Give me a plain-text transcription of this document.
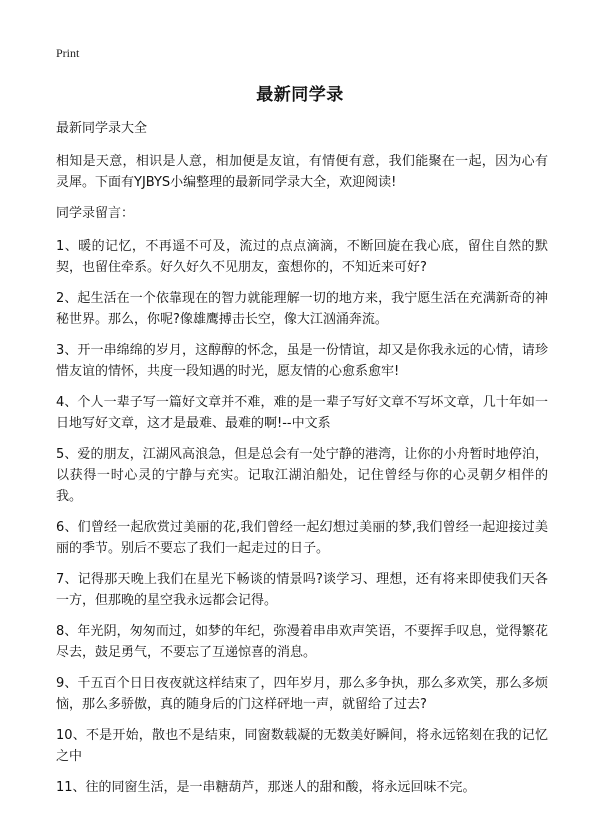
Print
最新同学录

最新同学录大全

相知是天意，相识是人意，相加便是友谊，有情便有意，我们能聚在一起，因为心有灵犀。下面有YJBYS小编整理的最新同学录大全，欢迎阅读!

同学录留言：

1、暖的记忆，不再遥不可及，流过的点点滴滴，不断回旋在我心底，留住自然的默契，也留住牵系。好久好久不见朋友，蛮想你的，不知近来可好?

2、起生活在一个依靠现在的智力就能理解一切的地方来，我宁愿生活在充满新奇的神秘世界。那么，你呢?像雄鹰搏击长空，像大江汹涌奔流。

3、开一串绵绵的岁月，这醇醇的怀念，虽是一份情谊，却又是你我永远的心情，请珍惜友谊的情怀，共度一段知遇的时光，愿友情的心愈系愈牢!

4、个人一辈子写一篇好文章并不难，难的是一辈子写好文章不写坏文章，几十年如一日地写好文章，这才是最难、最难的啊!--中文系

5、爱的朋友，江湖风高浪急，但是总会有一处宁静的港湾，让你的小舟暂时地停泊，以获得一时心灵的宁静与充实。记取江湖泊船处，记住曾经与你的心灵朝夕相伴的我。

6、们曾经一起欣赏过美丽的花,我们曾经一起幻想过美丽的梦,我们曾经一起迎接过美丽的季节。别后不要忘了我们一起走过的日子。

7、记得那天晚上我们在星光下畅谈的情景吗?谈学习、理想，还有将来即使我们天各一方，但那晚的星空我永远都会记得。

8、年光阴，匆匆而过，如梦的年纪，弥漫着串串欢声笑语，不要挥手叹息，觉得繁花尽去，鼓足勇气，不要忘了互递惊喜的消息。

9、千五百个日日夜夜就这样结束了，四年岁月，那么多争执，那么多欢笑，那么多烦恼，那么多骄傲，真的随身后的门这样砰地一声，就留给了过去?

10、不是开始，散也不是结束，同窗数载凝的无数美好瞬间，将永远铭刻在我的记忆之中

11、往的同窗生活，是一串糖葫芦，那迷人的甜和酸，将永远回味不完。
